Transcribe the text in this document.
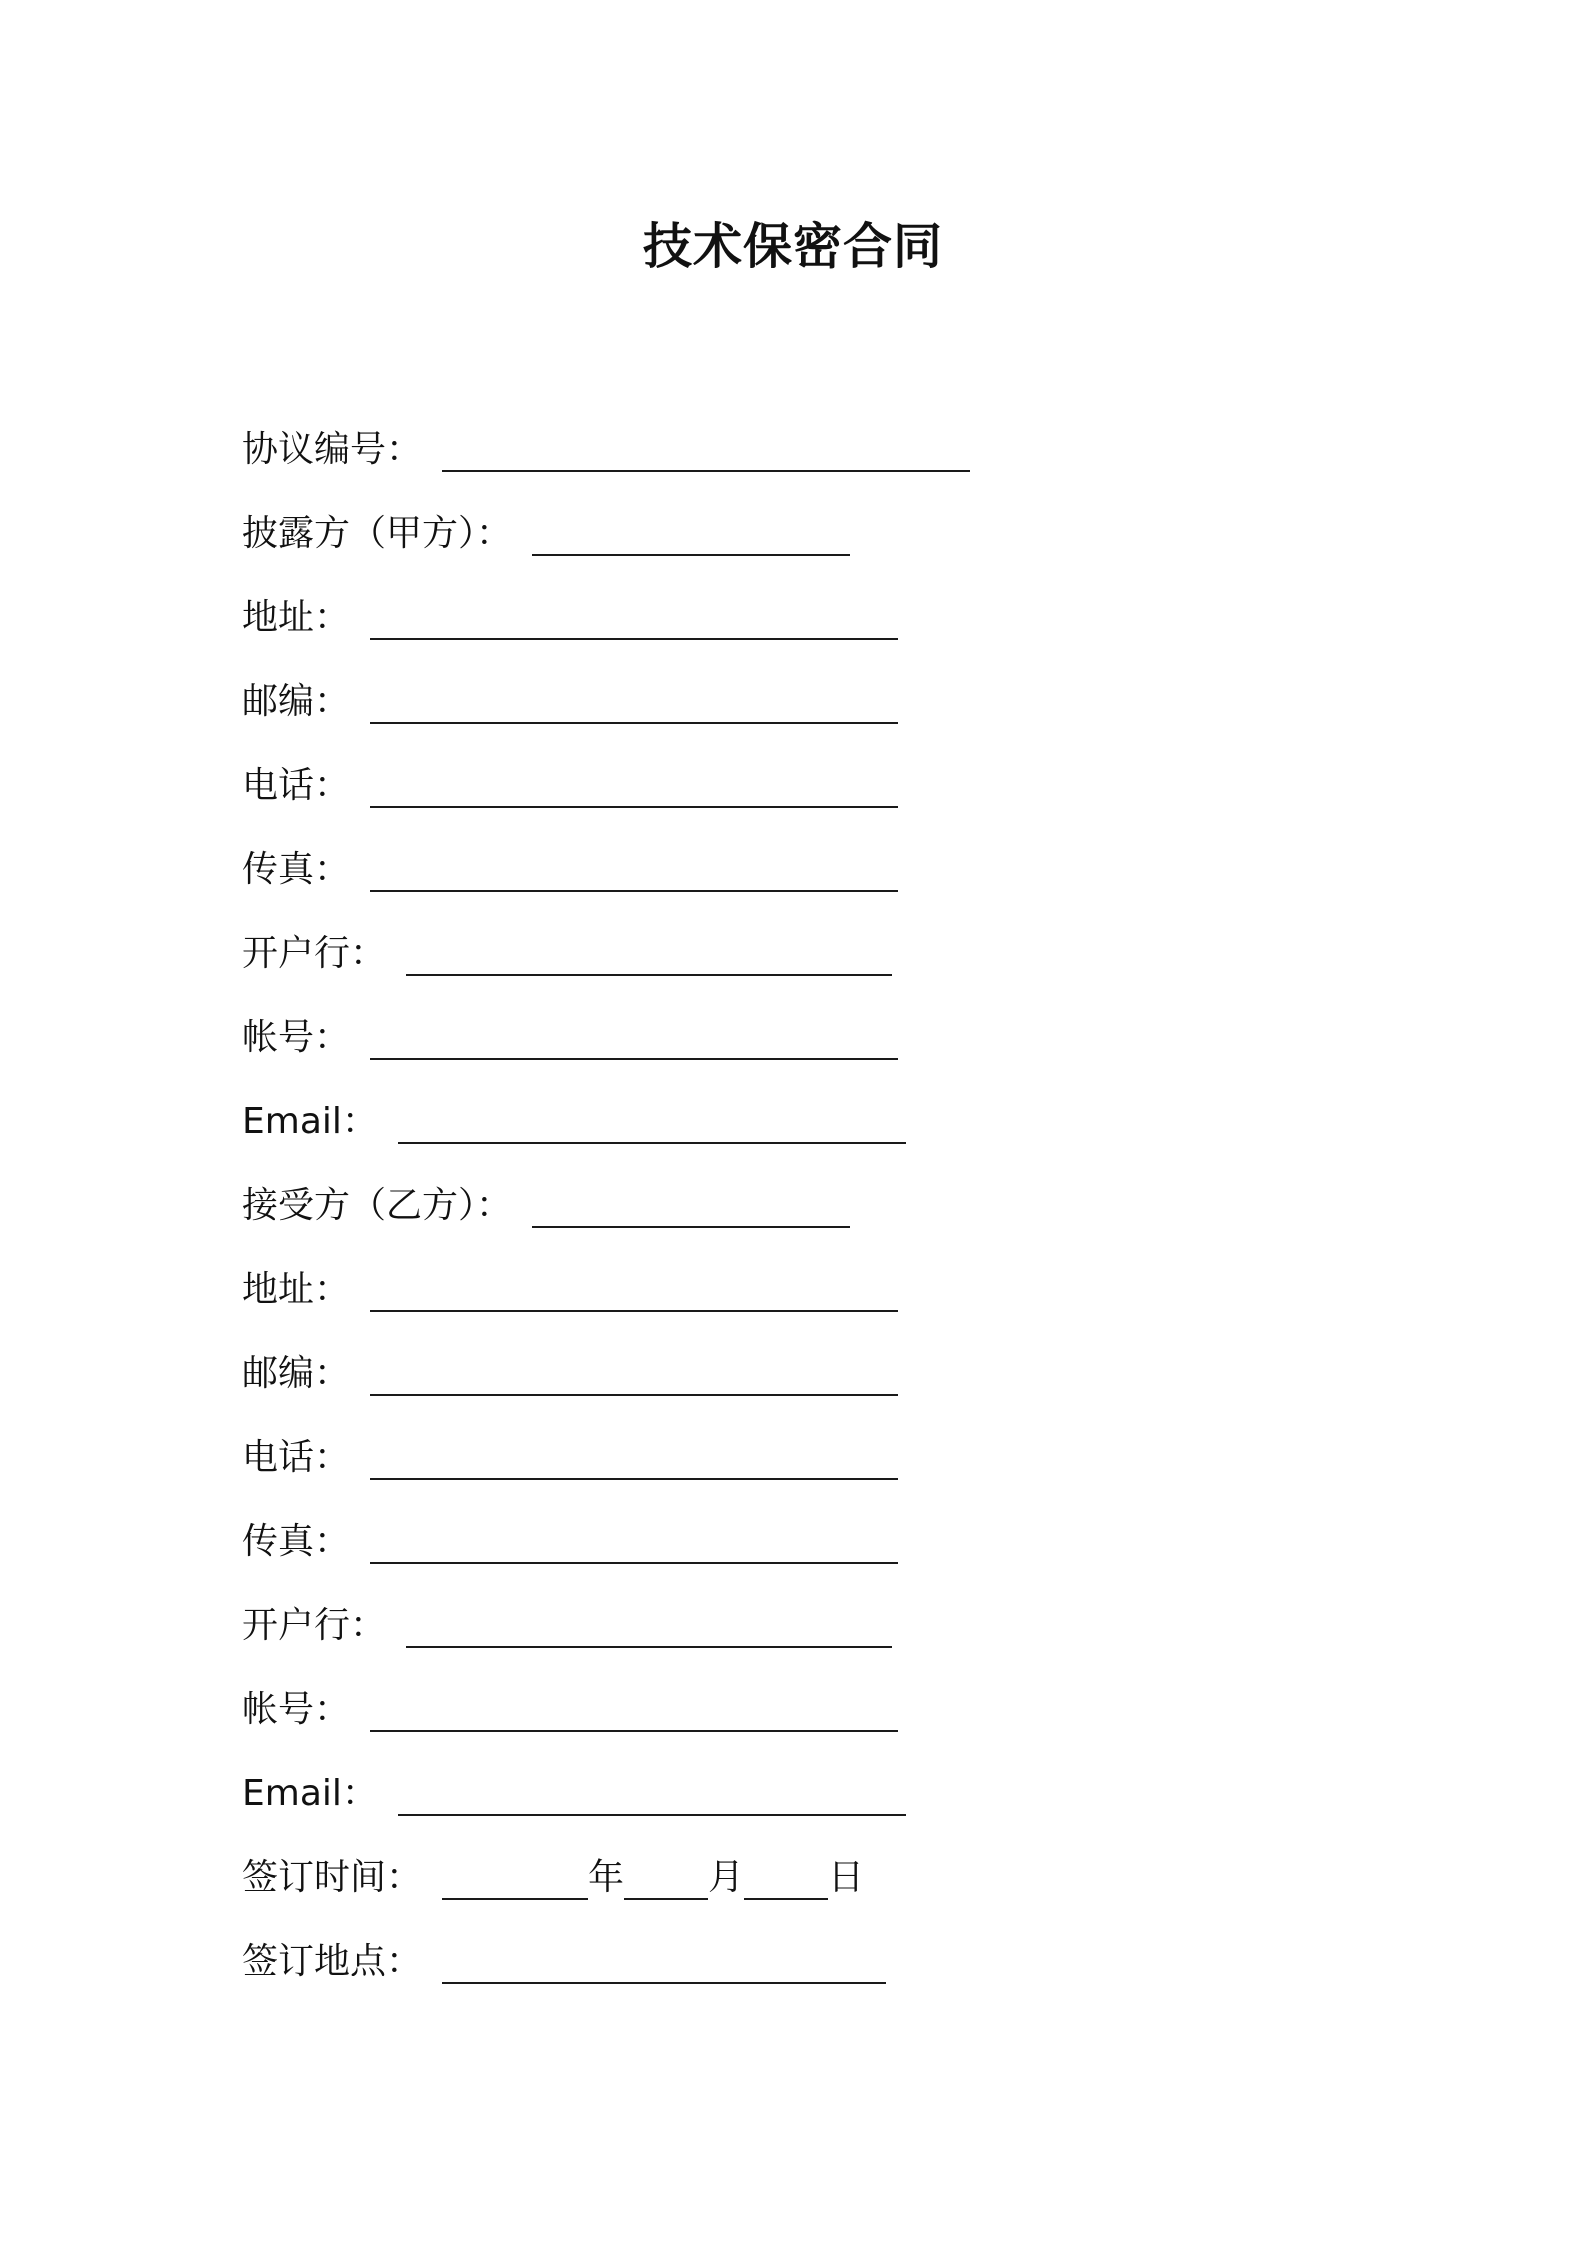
技术保密合同
协议编号：
披露方（甲方）：
地址：
邮编：
电话：
传真：
开户行：
帐号：
Email：
接受方（乙方）：
地址：
邮编：
电话：
传真：
开户行：
帐号：
Email：
签订时间：	年 月 日
签订地点：
